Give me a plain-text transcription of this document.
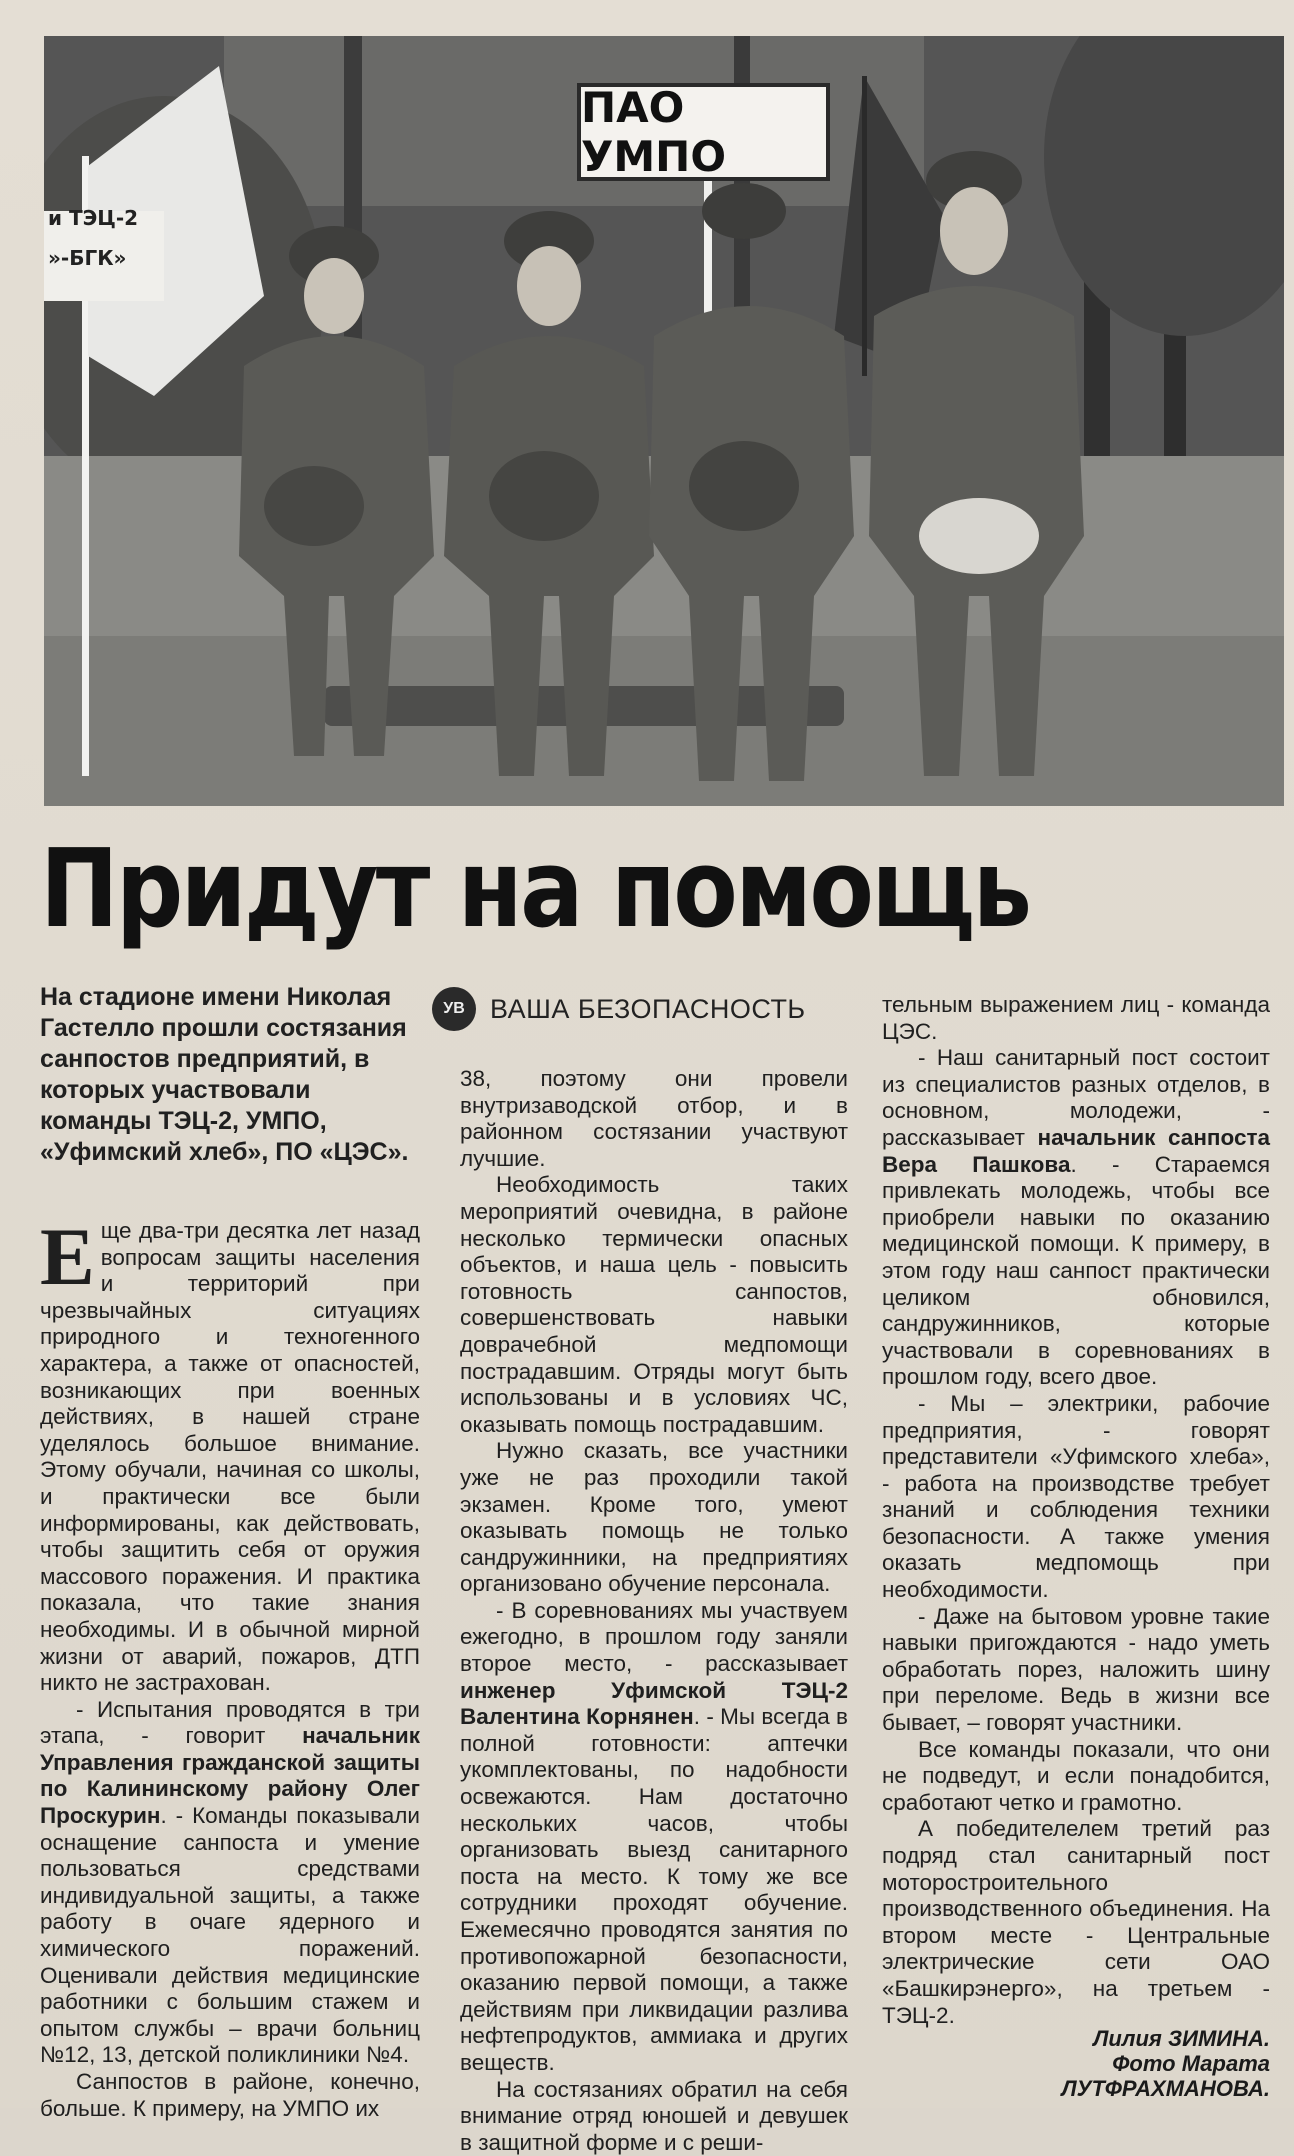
ПАО УМПО
и ТЭЦ-2
»-БГК»
Придут на помощь
На стадионе имени Николая Гастелло прошли состязания санпостов предприятий, в которых участвовали команды ТЭЦ-2, УМПО, «Уфимский хлеб», ПО «ЦЭС».
УВ ВАША БЕЗОПАСНОСТЬ

Еще два-три десятка лет назад вопросам защиты населения и территорий при чрезвычайных ситуациях природного и техногенного характера, а также от опасностей, возникающих при военных действиях, в нашей стране уделялось большое внимание. Этому обучали, начиная со школы, и практически все были информированы, как действовать, чтобы защитить себя от оружия массового поражения. И практика показала, что такие знания необходимы. И в обычной мирной жизни от аварий, пожаров, ДТП никто не застрахован.

- Испытания проводятся в три этапа, - говорит начальник Управления гражданской защиты по Калининскому району Олег Проскурин. - Команды показывали оснащение санпоста и умение пользоваться средствами индивидуальной защиты, а также работу в очаге ядерного и химического поражений. Оценивали действия медицинские работники с большим стажем и опытом службы – врачи больниц №12, 13, детской поликлиники №4.

Санпостов в районе, конечно, больше. К примеру, на УМПО их

38, поэтому они провели внутризаводской отбор, и в районном состязании участвуют лучшие.

Необходимость таких мероприятий очевидна, в районе несколько термически опасных объектов, и наша цель - повысить готовность санпостов, совершенствовать навыки доврачебной медпомощи пострадавшим. Отряды могут быть использованы и в условиях ЧС, оказывать помощь пострадавшим.

Нужно сказать, все участники уже не раз проходили такой экзамен. Кроме того, умеют оказывать помощь не только сандружинники, на предприятиях организовано обучение персонала.

- В соревнованиях мы участвуем ежегодно, в прошлом году заняли второе место, - рассказывает инженер Уфимской ТЭЦ-2 Валентина Корнянен. - Мы всегда в полной готовности: аптечки укомплектованы, по надобности освежаются. Нам достаточно нескольких часов, чтобы организовать выезд санитарного поста на место. К тому же все сотрудники проходят обучение. Ежемесячно проводятся занятия по противопожарной безопасности, оказанию первой помощи, а также действиям при ликвидации разлива нефтепродуктов, аммиака и других веществ.

На состязаниях обратил на себя внимание отряд юношей и девушек в защитной форме и с реши-

тельным выражением лиц - команда ЦЭС.

- Наш санитарный пост состоит из специалистов разных отделов, в основном, молодежи, - рассказывает начальник санпоста Вера Пашкова. - Стараемся привлекать молодежь, чтобы все приобрели навыки по оказанию медицинской помощи. К примеру, в этом году наш санпост практически целиком обновился, сандружинников, которые участвовали в соревнованиях в прошлом году, всего двое.

- Мы – электрики, рабочие предприятия, - говорят представители «Уфимского хлеба», - работа на производстве требует знаний и соблюдения техники безопасности. А также умения оказать медпомощь при необходимости.

- Даже на бытовом уровне такие навыки пригождаются - надо уметь обработать порез, наложить шину при переломе. Ведь в жизни все бывает, – говорят участники.

Все команды показали, что они не подведут, и если понадобится, сработают четко и грамотно.

А победителелем третий раз подряд стал санитарный пост моторостроительного производственного объединения. На втором месте - Центральные электрические сети ОАО «Башкирэнерго», на третьем - ТЭЦ-2.

Лилия ЗИМИНА.
Фото Марата
ЛУТФРАХМАНОВА.
